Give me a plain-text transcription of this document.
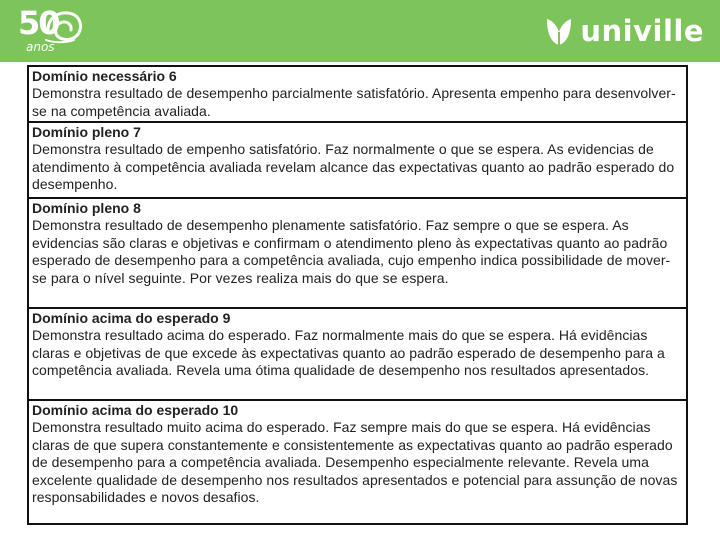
50
anos	univille
Domínio necessário 6
Demonstra resultado de desempenho parcialmente satisfatório. Apresenta empenho para desenvolver-se na competência avaliada.
Domínio pleno 7
Demonstra resultado de empenho satisfatório. Faz normalmente o que se espera. As evidencias de atendimento à competência avaliada revelam alcance das expectativas quanto ao padrão esperado do desempenho.
Domínio pleno 8
Demonstra resultado de desempenho plenamente satisfatório. Faz sempre o que se espera. As evidencias são claras e objetivas e confirmam o atendimento pleno às expectativas quanto ao padrão esperado de desempenho para a competência avaliada, cujo empenho indica possibilidade de mover-se para o nível seguinte. Por vezes realiza mais do que se espera.
Domínio acima do esperado 9
Demonstra resultado acima do esperado. Faz normalmente mais do que se espera. Há evidências claras e objetivas de que excede às expectativas quanto ao padrão esperado de desempenho para a competência avaliada. Revela uma ótima qualidade de desempenho nos resultados apresentados.
Domínio acima do esperado 10
Demonstra resultado muito acima do esperado. Faz sempre mais do que se espera. Há evidências claras de que supera constantemente e consistentemente as expectativas quanto ao padrão esperado de desempenho para a competência avaliada. Desempenho especialmente relevante. Revela uma excelente qualidade de desempenho nos resultados apresentados e potencial para assunção de novas responsabilidades e novos desafios.
